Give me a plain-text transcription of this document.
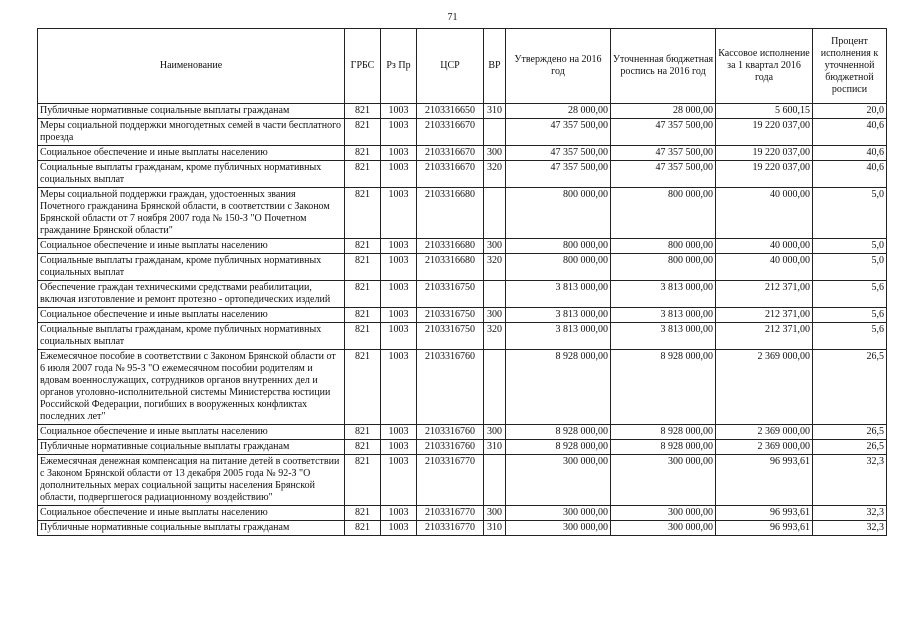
71
Наименование	ГРБС	Рз Пр	ЦСР	ВР	Утверждено на 2016 год	Уточненная бюджетная роспись на 2016 год	Кассовое исполнение за 1 квартал 2016 года	Процент исполнения к уточненной бюджетной росписи
Публичные нормативные социальные выплаты гражданам	821	1003	2103316650	310	28 000,00	28 000,00	5 600,15	20,0
Меры социальной поддержки многодетных семей в части бесплатного проезда	821	1003	2103316670		47 357 500,00	47 357 500,00	19 220 037,00	40,6
Социальное обеспечение и иные выплаты населению	821	1003	2103316670	300	47 357 500,00	47 357 500,00	19 220 037,00	40,6
Социальные выплаты гражданам, кроме публичных нормативных социальных выплат	821	1003	2103316670	320	47 357 500,00	47 357 500,00	19 220 037,00	40,6
Меры социальной поддержки граждан, удостоенных звания Почетного гражданина Брянской области, в соответствии с Законом Брянской области от 7 ноября 2007 года № 150-З "О Почетном гражданине Брянской области"	821	1003	2103316680		800 000,00	800 000,00	40 000,00	5,0
Социальное обеспечение и иные выплаты населению	821	1003	2103316680	300	800 000,00	800 000,00	40 000,00	5,0
Социальные выплаты гражданам, кроме публичных нормативных социальных выплат	821	1003	2103316680	320	800 000,00	800 000,00	40 000,00	5,0
Обеспечение граждан техническими средствами реабилитации, включая изготовление и ремонт протезно - ортопедических изделий	821	1003	2103316750		3 813 000,00	3 813 000,00	212 371,00	5,6
Социальное обеспечение и иные выплаты населению	821	1003	2103316750	300	3 813 000,00	3 813 000,00	212 371,00	5,6
Социальные выплаты гражданам, кроме публичных нормативных социальных выплат	821	1003	2103316750	320	3 813 000,00	3 813 000,00	212 371,00	5,6
Ежемесячное пособие в соответствии с Законом Брянской области от 6 июля 2007 года № 95-З "О ежемесячном пособии родителям и вдовам военнослужащих, сотрудников органов внутренних дел и органов уголовно-исполнительной системы Министерства юстиции Российской Федерации, погибших в вооруженных конфликтах последних лет"	821	1003	2103316760		8 928 000,00	8 928 000,00	2 369 000,00	26,5
Социальное обеспечение и иные выплаты населению	821	1003	2103316760	300	8 928 000,00	8 928 000,00	2 369 000,00	26,5
Публичные нормативные социальные выплаты гражданам	821	1003	2103316760	310	8 928 000,00	8 928 000,00	2 369 000,00	26,5
Ежемесячная денежная компенсация на питание детей в соответствии с Законом Брянской области от 13 декабря 2005 года № 92-З "О дополнительных мерах социальной защиты населения Брянской области, подвергшегося радиационному воздействию"	821	1003	2103316770		300 000,00	300 000,00	96 993,61	32,3
Социальное обеспечение и иные выплаты населению	821	1003	2103316770	300	300 000,00	300 000,00	96 993,61	32,3
Публичные нормативные социальные выплаты гражданам	821	1003	2103316770	310	300 000,00	300 000,00	96 993,61	32,3
